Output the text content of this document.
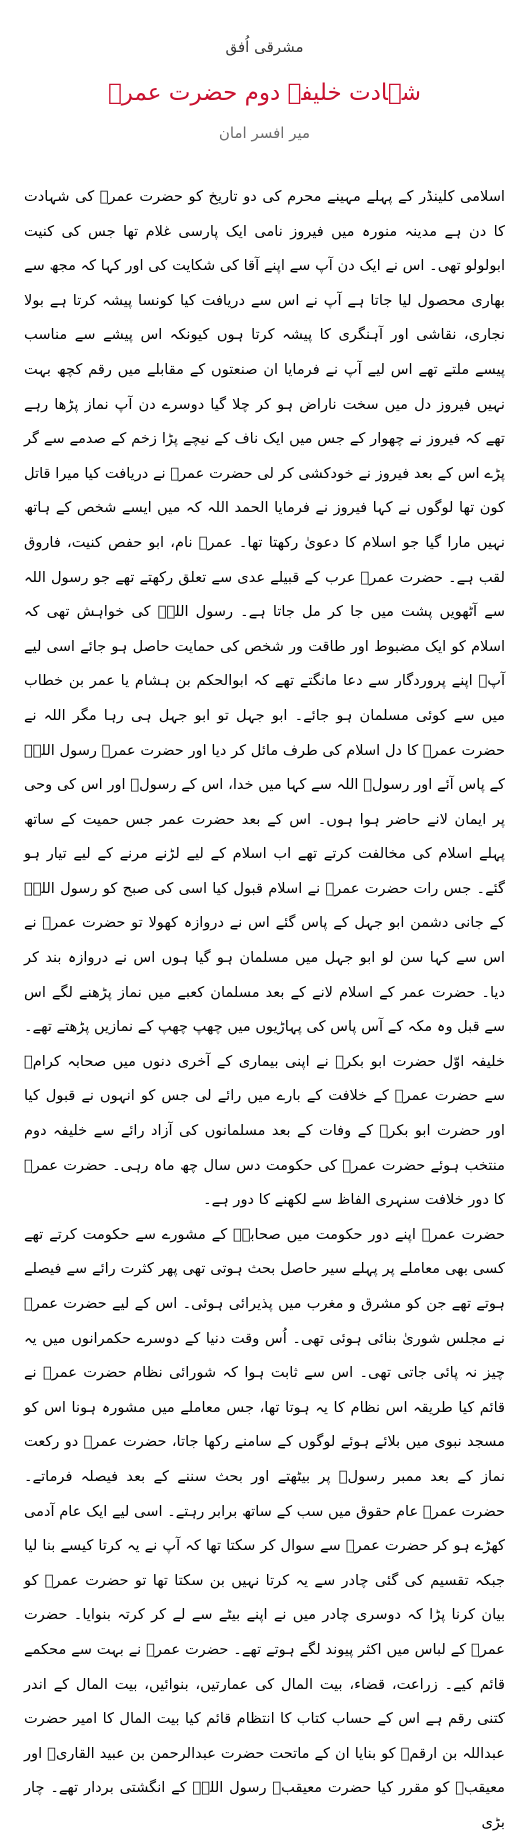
مشرقی اُفق
شہادت خلیفہ دوم حضرت عمرؓ
میر افسر امان

اسلامی کلینڈر کے پہلے مہینے محرم کی دو تاریخ کو حضرت عمرؓ کی شہادت کا دن ہے مدینہ منورہ میں فیروز نامی ایک پارسی غلام تھا جس کی کنیت ابولولو تھی۔ اس نے ایک دن آپ سے اپنے آقا کی شکایت کی اور کہا کہ مجھ سے بھاری محصول لیا جاتا ہے آپ نے اس سے دریافت کیا کونسا پیشہ کرتا ہے بولا نجاری، نقاشی اور آہنگری کا پیشہ کرتا ہوں کیونکہ اس پیشے سے مناسب پیسے ملتے تھے اس لیے آپ نے فرمایا ان صنعتوں کے مقابلے میں رقم کچھ بہت نہیں فیروز دل میں سخت ناراض ہو کر چلا گیا دوسرے دن آپ نماز پڑھا رہے تھے کہ فیروز نے چھوار کے جس میں ایک ناف کے نیچے پڑا زخم کے صدمے سے گر پڑے اس کے بعد فیروز نے خودکشی کر لی حضرت عمرؓ نے دریافت کیا میرا قاتل کون تھا لوگوں نے کہا فیروز نے فرمایا الحمد اللہ کہ میں ایسے شخص کے ہاتھ نہیں مارا گیا جو اسلام کا دعویٰ رکھتا تھا۔ عمرؓ نام، ابو حفص کنیت، فاروق لقب ہے۔ حضرت عمرؓ عرب کے قبیلے عدی سے تعلق رکھتے تھے جو رسول اللہ سے آٹھویں پشت میں جا کر مل جاتا ہے۔ رسول اللہؐ کی خواہش تھی کہ اسلام کو ایک مضبوط اور طاقت ور شخص کی حمایت حاصل ہو جائے اسی لیے آپؐ اپنے پروردگار سے دعا مانگتے تھے کہ ابوالحکم بن ہشام یا عمر بن خطاب میں سے کوئی مسلمان ہو جائے۔ ابو جہل تو ابو جہل ہی رہا مگر اللہ نے حضرت عمرؓ کا دل اسلام کی طرف مائل کر دیا اور حضرت عمرؓ رسول اللہؐ کے پاس آئے اور رسولؐ اللہ سے کہا میں خدا، اس کے رسولؐ اور اس کی وحی پر ایمان لانے حاضر ہوا ہوں۔ اس کے بعد حضرت عمر جس حمیت کے ساتھ پہلے اسلام کی مخالفت کرتے تھے اب اسلام کے لیے لڑنے مرنے کے لیے تیار ہو گئے۔ جس رات حضرت عمرؓ نے اسلام قبول کیا اسی کی صبح کو رسول اللہؐ کے جانی دشمن ابو جہل کے پاس گئے اس نے دروازہ کھولا تو حضرت عمرؓ نے اس سے کہا سن لو ابو جہل میں مسلمان ہو گیا ہوں اس نے دروازہ بند کر دیا۔ حضرت عمر کے اسلام لانے کے بعد مسلمان کعبے میں نماز پڑھنے لگے اس سے قبل وہ مکہ کے آس پاس کی پہاڑیوں میں چھپ چھپ کے نمازیں پڑھتے تھے۔ خلیفہ اوّل حضرت ابو بکرؓ نے اپنی بیماری کے آخری دنوں میں صحابہ کرامؓ سے حضرت عمرؓ کے خلافت کے بارے میں رائے لی جس کو انہوں نے قبول کیا اور حضرت ابو بکرؓ کے وفات کے بعد مسلمانوں کی آزاد رائے سے خلیفہ دوم منتخب ہوئے حضرت عمرؓ کی حکومت دس سال چھ ماہ رہی۔ حضرت عمرؓ کا دور خلافت سنہری الفاظ سے لکھنے کا دور ہے۔

حضرت عمرؓ اپنے دور حکومت میں صحابہؓ کے مشورے سے حکومت کرتے تھے کسی بھی معاملے پر پہلے سیر حاصل بحث ہوتی تھی پھر کثرت رائے سے فیصلے ہوتے تھے جن کو مشرق و مغرب میں پذیرائی ہوئی۔ اس کے لیے حضرت عمرؓ نے مجلس شوریٰ بنائی ہوئی تھی۔ اُس وقت دنیا کے دوسرے حکمرانوں میں یہ چیز نہ پائی جاتی تھی۔ اس سے ثابت ہوا کہ شورائی نظام حضرت عمرؓ نے قائم کیا طریقہ اس نظام کا یہ ہوتا تھا، جس معاملے میں مشورہ ہونا اس کو مسجد نبوی میں بلائے ہوئے لوگوں کے سامنے رکھا جاتا، حضرت عمرؓ دو رکعت نماز کے بعد ممبر رسولؐ پر بیٹھتے اور بحث سننے کے بعد فیصلہ فرماتے۔ حضرت عمرؓ عام حقوق میں سب کے ساتھ برابر رہتے۔ اسی لیے ایک عام آدمی کھڑے ہو کر حضرت عمرؓ سے سوال کر سکتا تھا کہ آپ نے یہ کرتا کیسے بنا لیا جبکہ تقسیم کی گئی چادر سے یہ کرتا نہیں بن سکتا تھا تو حضرت عمرؓ کو بیان کرنا پڑا کہ دوسری چادر میں نے اپنے بیٹے سے لے کر کرتہ بنوایا۔ حضرت عمرؓ کے لباس میں اکثر پیوند لگے ہوتے تھے۔ حضرت عمرؓ نے بہت سے محکمے قائم کیے۔ زراعت، قضاء، بیت المال کی عمارتیں، بنوائیں، بیت المال کے اندر کتنی رقم ہے اس کے حساب کتاب کا انتظام قائم کیا بیت المال کا امیر حضرت عبداللہ بن ارقمؓ کو بنایا ان کے ماتحت حضرت عبدالرحمن بن عبید القاریؓ اور معیقبؓ کو مقرر کیا حضرت معیقبؓ رسول اللہؐ کے انگشتی بردار تھے۔ چار بڑی
